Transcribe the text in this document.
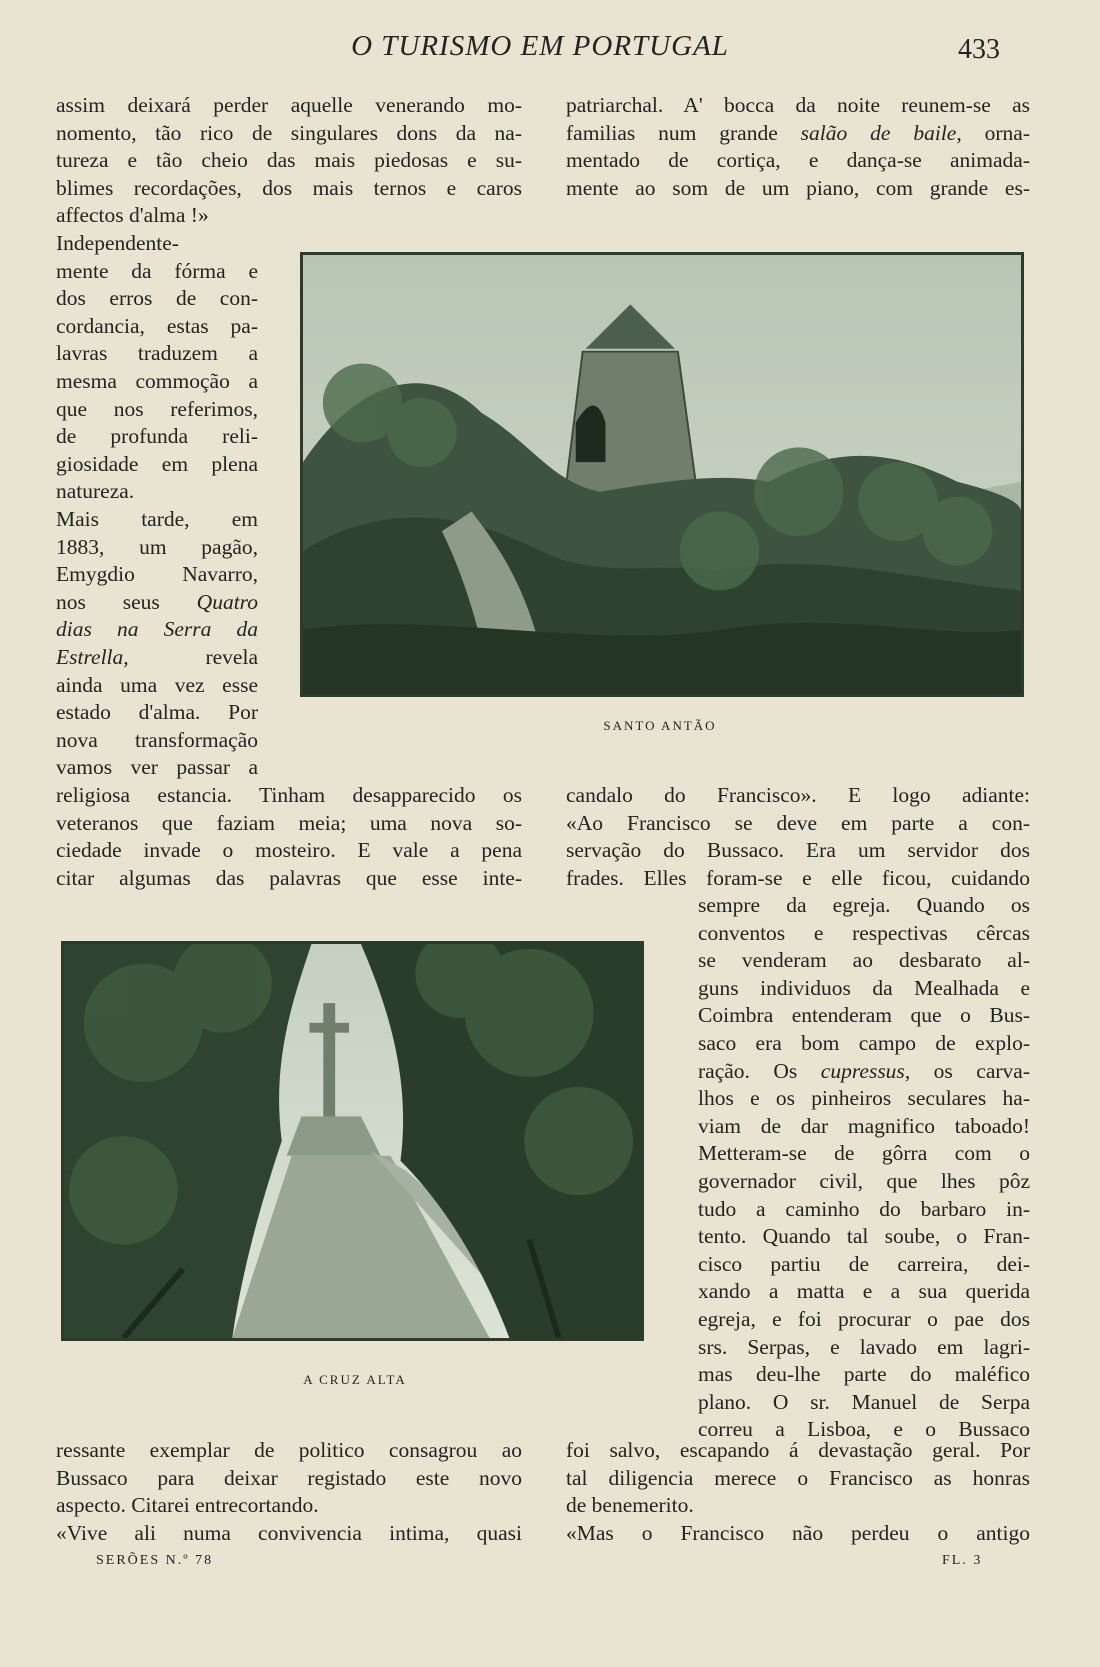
O TURISMO EM PORTUGAL	433
assim deixará perder aquelle venerando mo-
nomento, tão rico de singulares dons da na-
tureza e tão cheio das mais piedosas e su-
blimes recordações, dos mais ternos e caros
affectos d'alma !»
Independente-
mente da fórma e
dos erros de con-
cordancia, estas pa-
lavras traduzem a
mesma commoção a
que nos referimos,
de profunda reli-
giosidade em plena
natureza.
Mais tarde, em
1883, um pagão,
Emygdio Navarro,
nos seus Quatro
dias na Serra da
Estrella, revela
ainda uma vez esse
estado d'alma. Por
nova transformação
vamos ver passar a
religiosa estancia. Tinham desapparecido os
veteranos que faziam meia; uma nova so-
ciedade invade o mosteiro. E vale a pena
citar algumas das palavras que esse inte-
ressante exemplar de politico consagrou ao
Bussaco para deixar registado este novo
aspecto. Citarei entrecortando.
«Vive ali numa convivencia intima, quasi
patriarchal. A' bocca da noite reunem-se as
familias num grande salão de baile, orna-
mentado de cortiça, e dança-se animada-
mente ao som de um piano, com grande es-
candalo do Francisco». E logo adiante:
«Ao Francisco se deve em parte a con-
servação do Bussaco. Era um servidor dos
frades. Elles foram-se e elle ficou, cuidando
sempre da egreja. Quando os
conventos e respectivas cêrcas
se venderam ao desbarato al-
guns individuos da Mealhada e
Coimbra entenderam que o Bus-
saco era bom campo de explo-
ração. Os cupressus, os carva-
lhos e os pinheiros seculares ha-
viam de dar magnifico taboado!
Metteram-se de gôrra com o
governador civil, que lhes pôz
tudo a caminho do barbaro in-
tento. Quando tal soube, o Fran-
cisco partiu de carreira, dei-
xando a matta e a sua querida
egreja, e foi procurar o pae dos
srs. Serpas, e lavado em lagri-
mas deu-lhe parte do maléfico
plano. O sr. Manuel de Serpa
correu a Lisboa, e o Bussaco
foi salvo, escapando á devastação geral. Por
tal diligencia merece o Francisco as honras
de benemerito.
«Mas o Francisco não perdeu o antigo
SANTO ANTÃO
A CRUZ ALTA
SERÕES N.º 78	FL. 3
